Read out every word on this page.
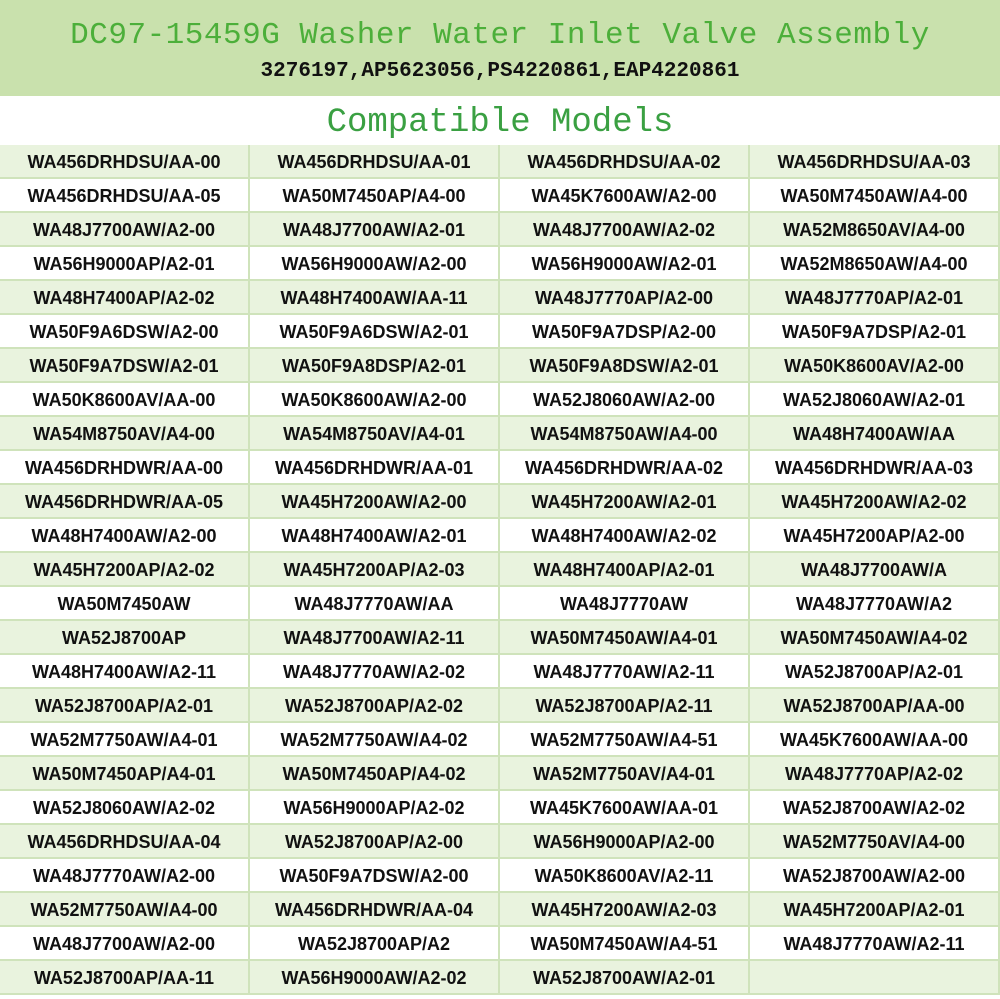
DC97-15459G Washer Water Inlet Valve Assembly
3276197,AP5623056,PS4220861,EAP4220861
Compatible Models
WA456DRHDSU/AA-00	WA456DRHDSU/AA-01	WA456DRHDSU/AA-02	WA456DRHDSU/AA-03
WA456DRHDSU/AA-05	WA50M7450AP/A4-00	WA45K7600AW/A2-00	WA50M7450AW/A4-00
WA48J7700AW/A2-00	WA48J7700AW/A2-01	WA48J7700AW/A2-02	WA52M8650AV/A4-00
WA56H9000AP/A2-01	WA56H9000AW/A2-00	WA56H9000AW/A2-01	WA52M8650AW/A4-00
WA48H7400AP/A2-02	WA48H7400AW/AA-11	WA48J7770AP/A2-00	WA48J7770AP/A2-01
WA50F9A6DSW/A2-00	WA50F9A6DSW/A2-01	WA50F9A7DSP/A2-00	WA50F9A7DSP/A2-01
WA50F9A7DSW/A2-01	WA50F9A8DSP/A2-01	WA50F9A8DSW/A2-01	WA50K8600AV/A2-00
WA50K8600AV/AA-00	WA50K8600AW/A2-00	WA52J8060AW/A2-00	WA52J8060AW/A2-01
WA54M8750AV/A4-00	WA54M8750AV/A4-01	WA54M8750AW/A4-00	WA48H7400AW/AA
WA456DRHDWR/AA-00	WA456DRHDWR/AA-01	WA456DRHDWR/AA-02	WA456DRHDWR/AA-03
WA456DRHDWR/AA-05	WA45H7200AW/A2-00	WA45H7200AW/A2-01	WA45H7200AW/A2-02
WA48H7400AW/A2-00	WA48H7400AW/A2-01	WA48H7400AW/A2-02	WA45H7200AP/A2-00
WA45H7200AP/A2-02	WA45H7200AP/A2-03	WA48H7400AP/A2-01	WA48J7700AW/A
WA50M7450AW	WA48J7770AW/AA	WA48J7770AW	WA48J7770AW/A2
WA52J8700AP	WA48J7700AW/A2-11	WA50M7450AW/A4-01	WA50M7450AW/A4-02
WA48H7400AW/A2-11	WA48J7770AW/A2-02	WA48J7770AW/A2-11	WA52J8700AP/A2-01
WA52J8700AP/A2-01	WA52J8700AP/A2-02	WA52J8700AP/A2-11	WA52J8700AP/AA-00
WA52M7750AW/A4-01	WA52M7750AW/A4-02	WA52M7750AW/A4-51	WA45K7600AW/AA-00
WA50M7450AP/A4-01	WA50M7450AP/A4-02	WA52M7750AV/A4-01	WA48J7770AP/A2-02
WA52J8060AW/A2-02	WA56H9000AP/A2-02	WA45K7600AW/AA-01	WA52J8700AW/A2-02
WA456DRHDSU/AA-04	WA52J8700AP/A2-00	WA56H9000AP/A2-00	WA52M7750AV/A4-00
WA48J7770AW/A2-00	WA50F9A7DSW/A2-00	WA50K8600AV/A2-11	WA52J8700AW/A2-00
WA52M7750AW/A4-00	WA456DRHDWR/AA-04	WA45H7200AW/A2-03	WA45H7200AP/A2-01
WA48J7700AW/A2-00	WA52J8700AP/A2	WA50M7450AW/A4-51	WA48J7770AW/A2-11
WA52J8700AP/AA-11	WA56H9000AW/A2-02	WA52J8700AW/A2-01
